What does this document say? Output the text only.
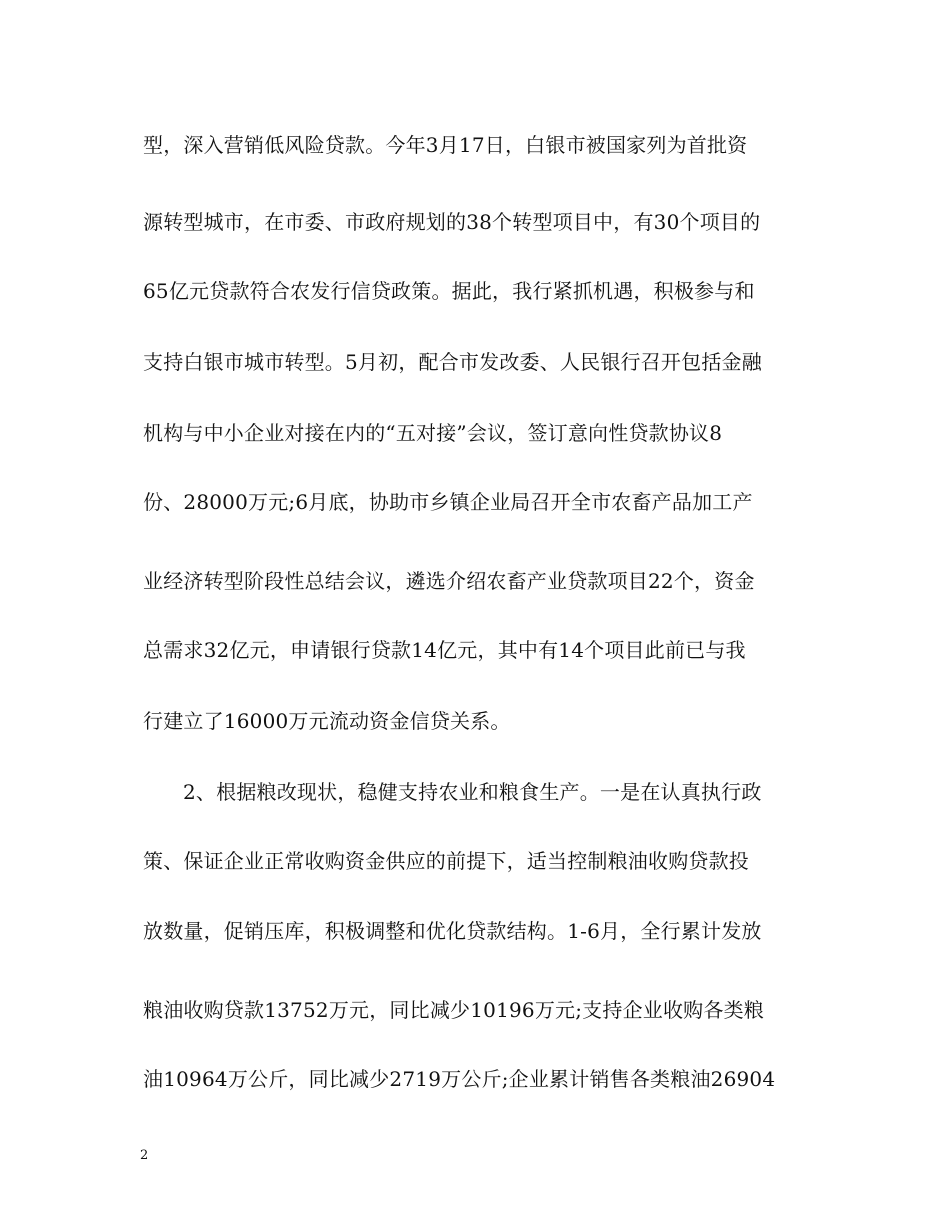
型，深入营销低风险贷款。今年3月17日，白银市被国家列为首批资
源转型城市，在市委、市政府规划的38个转型项目中，有30个项目的
65亿元贷款符合农发行信贷政策。据此，我行紧抓机遇，积极参与和
支持白银市城市转型。5月初，配合市发改委、人民银行召开包括金融
机构与中小企业对接在内的“五对接”会议，签订意向性贷款协议8
份、28000万元;6月底，协助市乡镇企业局召开全市农畜产品加工产
业经济转型阶段性总结会议，遴选介绍农畜产业贷款项目22个，资金
总需求32亿元，申请银行贷款14亿元，其中有14个项目此前已与我
行建立了16000万元流动资金信贷关系。
2、根据粮改现状，稳健支持农业和粮食生产。一是在认真执行政
策、保证企业正常收购资金供应的前提下，适当控制粮油收购贷款投
放数量，促销压库，积极调整和优化贷款结构。1-6月，全行累计发放
粮油收购贷款13752万元，同比减少10196万元;支持企业收购各类粮
油10964万公斤，同比减少2719万公斤;企业累计销售各类粮油26904
2
